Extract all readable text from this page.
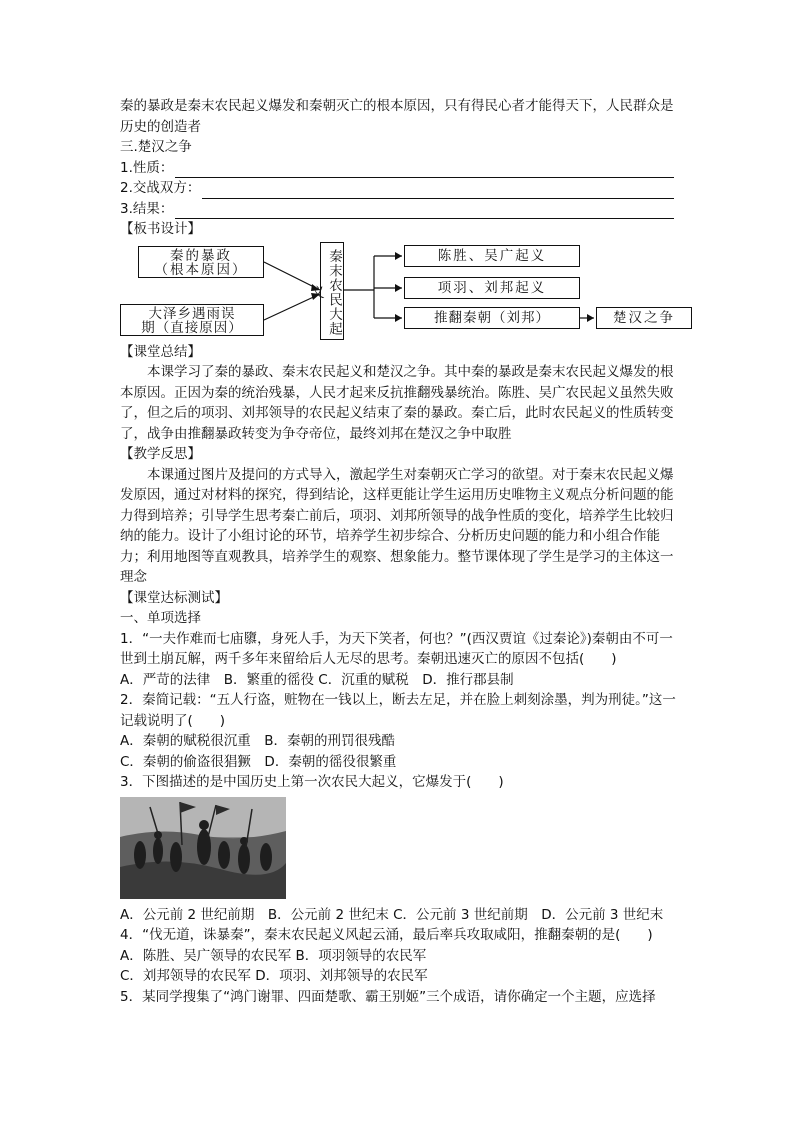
秦的暴政是秦末农民起义爆发和秦朝灭亡的根本原因，只有得民心者才能得天下，人民群众是历史的创造者
三.楚汉之争
1.性质：
2.交战双方：
3.结果：
【板书设计】
秦的暴政
（根本原因）
大泽乡遇雨误
期（直接原因）	秦末农民大起义
陈胜、吴广起义
项羽、刘邦起义
推翻秦朝（刘邦）	楚汉之争
【课堂总结】
本课学习了秦的暴政、秦末农民起义和楚汉之争。其中秦的暴政是秦末农民起义爆发的根本原因。正因为秦的统治残暴，人民才起来反抗推翻残暴统治。陈胜、吴广农民起义虽然失败了，但之后的项羽、刘邦领导的农民起义结束了秦的暴政。秦亡后，此时农民起义的性质转变了，战争由推翻暴政转变为争夺帝位，最终刘邦在楚汉之争中取胜
【教学反思】
本课通过图片及提问的方式导入，激起学生对秦朝灭亡学习的欲望。对于秦末农民起义爆发原因，通过对材料的探究，得到结论，这样更能让学生运用历史唯物主义观点分析问题的能力得到培养；引导学生思考秦亡前后，项羽、刘邦所领导的战争性质的变化，培养学生比较归纳的能力。设计了小组讨论的环节，培养学生初步综合、分析历史问题的能力和小组合作能力；利用地图等直观教具，培养学生的观察、想象能力。整节课体现了学生是学习的主体这一理念
【课堂达标测试】
一、单项选择
1．“一夫作难而七庙隳，身死人手，为天下笑者，何也？”(西汉贾谊《过秦论》)秦朝由不可一世到土崩瓦解，两千多年来留给后人无尽的思考。秦朝迅速灭亡的原因不包括(　　)
A．严苛的法律　B．繁重的徭役 C．沉重的赋税　D．推行郡县制
2．秦简记载：“五人行盗，赃物在一钱以上，断去左足，并在脸上刺刻涂墨，判为刑徒。”这一记载说明了(　　)
A．秦朝的赋税很沉重　B．秦朝的刑罚很残酷
C．秦朝的偷盗很猖獗　D．秦朝的徭役很繁重
3．下图描述的是中国历史上第一次农民大起义，它爆发于(　　)
A．公元前 2 世纪前期　B．公元前 2 世纪末 C．公元前 3 世纪前期　D．公元前 3 世纪末
4．“伐无道，诛暴秦”，秦末农民起义风起云涌，最后率兵攻取咸阳，推翻秦朝的是(　　)
A．陈胜、吴广领导的农民军 B．项羽领导的农民军
C．刘邦领导的农民军 D．项羽、刘邦领导的农民军
5．某同学搜集了“鸿门谢罪、四面楚歌、霸王别姬”三个成语，请你确定一个主题，应选择
